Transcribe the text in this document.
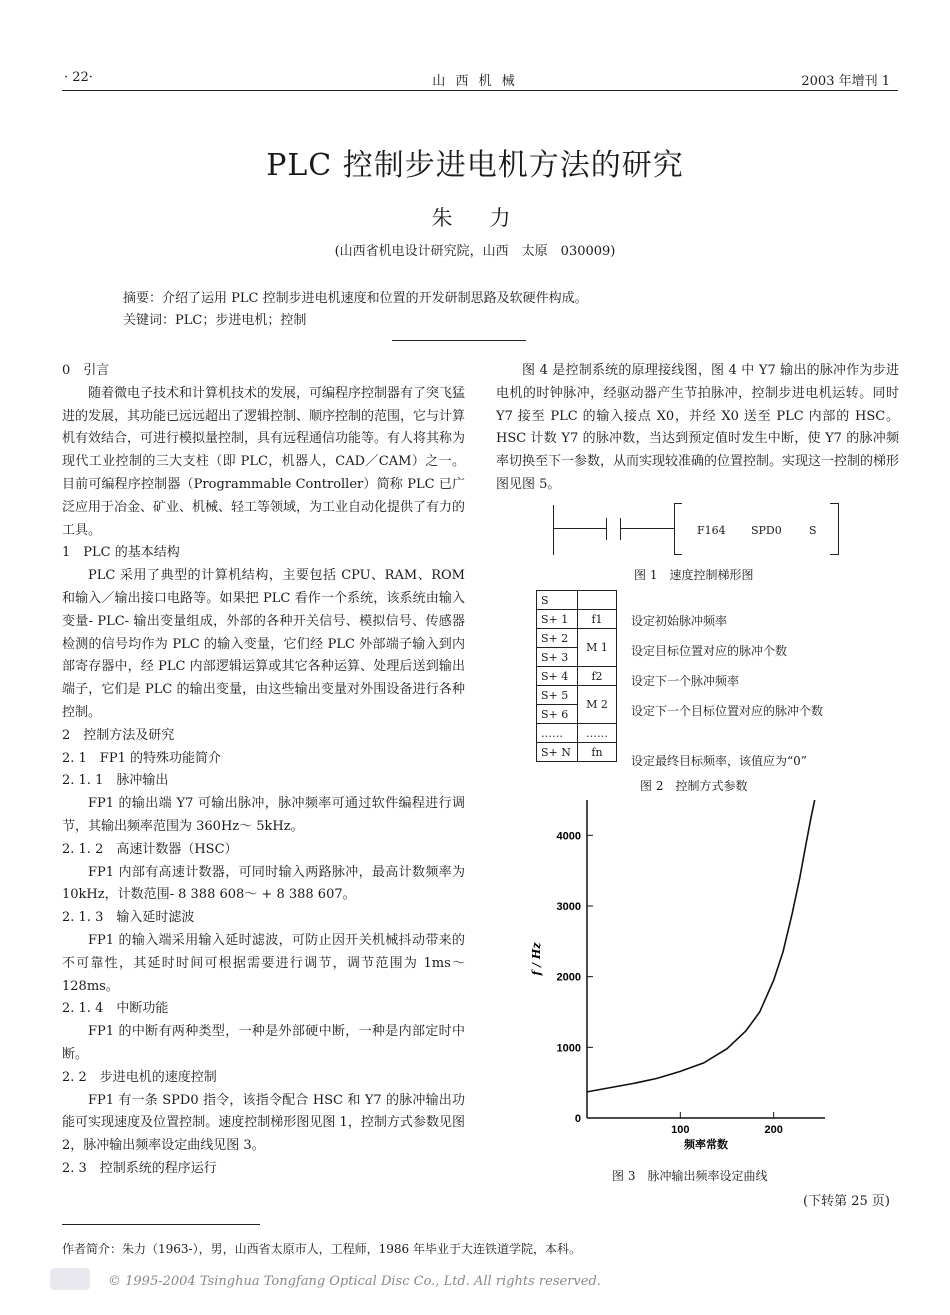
· 22·	山 西 机 械	2003 年增刊 1
PLC 控制步进电机方法的研究
朱　力
(山西省机电设计研究院，山西　太原　030009)
摘要：介绍了运用 PLC 控制步进电机速度和位置的开发研制思路及软硬件构成。
关键词：PLC；步进电机；控制

0　引言

随着微电子技术和计算机技术的发展，可编程序控制器有了突飞猛进的发展，其功能已远远超出了逻辑控制、顺序控制的范围，它与计算机有效结合，可进行模拟量控制，具有远程通信功能等。有人将其称为现代工业控制的三大支柱（即 PLC，机器人，CAD／CAM）之一。目前可编程序控制器（Programmable Controller）简称 PLC 已广泛应用于冶金、矿业、机械、轻工等领域，为工业自动化提供了有力的工具。

1　PLC 的基本结构

PLC 采用了典型的计算机结构，主要包括 CPU、RAM、ROM 和输入／输出接口电路等。如果把 PLC 看作一个系统，该系统由输入变量- PLC- 输出变量组成，外部的各种开关信号、模拟信号、传感器检测的信号均作为 PLC 的输入变量，它们经 PLC 外部端子输入到内部寄存器中，经 PLC 内部逻辑运算或其它各种运算、处理后送到输出端子，它们是 PLC 的输出变量，由这些输出变量对外围设备进行各种控制。

2　控制方法及研究

2. 1　FP1 的特殊功能简介

2. 1. 1　脉冲输出

FP1 的输出端 Y7 可输出脉冲，脉冲频率可通过软件编程进行调节，其输出频率范围为 360Hz～ 5kHz。

2. 1. 2　高速计数器（HSC）

FP1 内部有高速计数器，可同时输入两路脉冲，最高计数频率为 10kHz，计数范围- 8 388 608～ + 8 388 607。

2. 1. 3　输入延时滤波

FP1 的输入端采用输入延时滤波，可防止因开关机械抖动带来的不可靠性，其延时时间可根据需要进行调节，调节范围为 1ms～ 128ms。

2. 1. 4　中断功能

FP1 的中断有两种类型，一种是外部硬中断，一种是内部定时中断。

2. 2　步进电机的速度控制

FP1 有一条 SPD0 指令，该指令配合 HSC 和 Y7 的脉冲输出功能可实现速度及位置控制。速度控制梯形图见图 1，控制方式参数见图 2，脉冲输出频率设定曲线见图 3。

2. 3　控制系统的程序运行

图 4 是控制系统的原理接线图，图 4 中 Y7 输出的脉冲作为步进电机的时钟脉冲，经驱动器产生节拍脉冲，控制步进电机运转。同时 Y7 接至 PLC 的输入接点 X0，并经 X0 送至 PLC 内部的 HSC。HSC 计数 Y7 的脉冲数，当达到预定值时发生中断，使 Y7 的脉冲频率切换至下一参数，从而实现较准确的位置控制。实现这一控制的梯形图见图 5。

F164 SPD0 S
图 1　速度控制梯形图
S	
S+ 1	f1
S+ 2	M 1
S+ 3	
S+ 4	f2
S+ 5	M 2
S+ 6	
……	……
S+ N	fn
设定初始脉冲频率
设定目标位置对应的脉冲个数
设定下一个脉冲频率
设定下一个目标位置对应的脉冲个数
设定最终目标频率，该值应为“0”
图 2　控制方式参数
0
1000
2000
3000
4000
100	200
频率常数
f / Hz
图 3　脉冲输出频率设定曲线
(下转第 25 页)
作者简介：朱力（1963-），男，山西省太原市人，工程师，1986 年毕业于大连铁道学院，本科。
© 1995-2004 Tsinghua Tongfang Optical Disc Co., Ltd. All rights reserved.
